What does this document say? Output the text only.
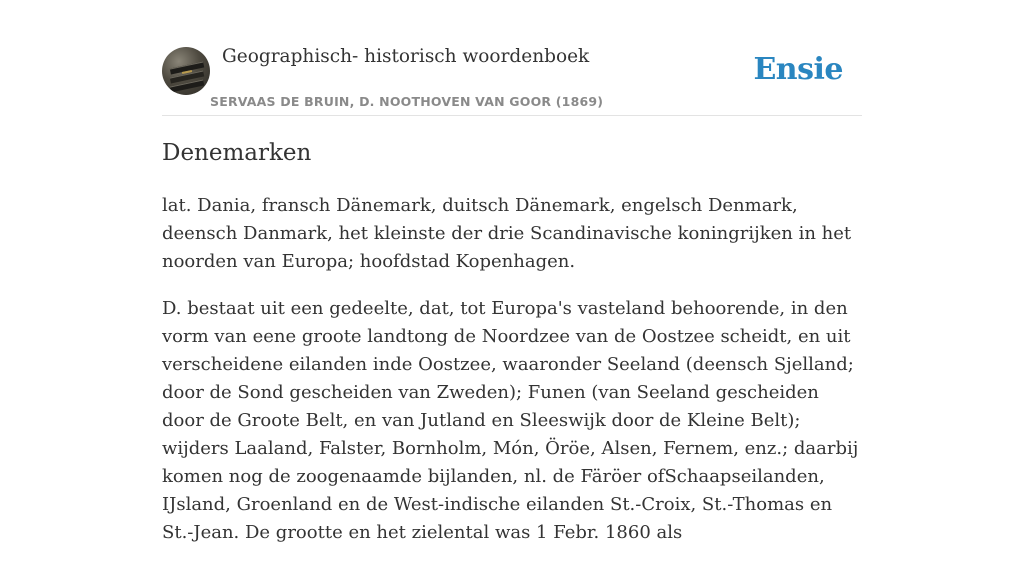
Geographisch- historisch woordenboek
SERVAAS DE BRUIN, D. NOOTHOVEN VAN GOOR (1869)
Ensie
Denemarken

lat. Dania, fransch Dänemark, duitsch Dänemark, engelsch Denmark, deensch Danmark, het kleinste der drie Scandinavische koningrijken in het noorden van Europa; hoofdstad Kopenhagen.

D. bestaat uit een gedeelte, dat, tot Europa's vasteland behoorende, in den vorm van eene groote landtong de Noordzee van de Oostzee scheidt, en uit verscheidene eilanden inde Oostzee, waaronder Seeland (deensch Sjelland; door de Sond gescheiden van Zweden); Funen (van Seeland gescheiden door de Groote Belt, en van Jutland en Sleeswijk door de Kleine Belt); wijders Laaland, Falster, Bornholm, Món, Öröe, Alsen, Fernem, enz.; daarbij komen nog de zoogenaamde bijlanden, nl. de Färöer ofSchaapseilanden, IJsland, Groenland en de West-indische eilanden St.-Croix, St.-Thomas en St.-Jean. De grootte en het zielental was 1 Febr. 1860 als
